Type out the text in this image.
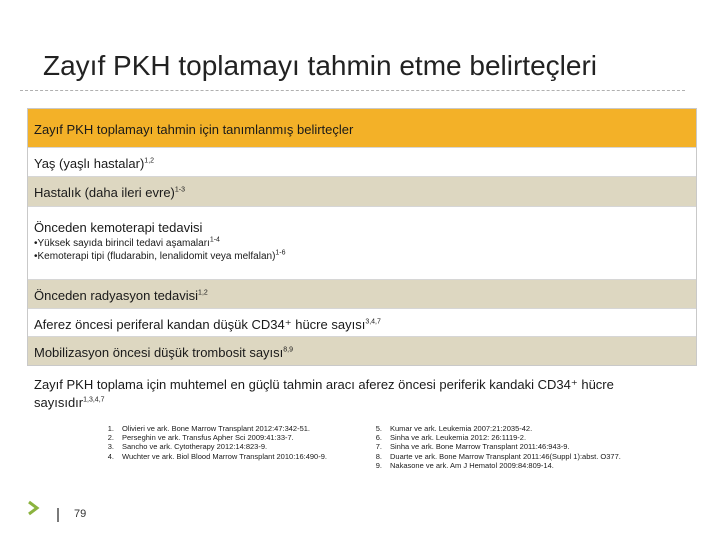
Zayıf PKH toplamayı tahmin etme belirteçleri
Zayıf PKH toplamayı tahmin için tanımlanmış belirteçler
Yaş (yaşlı hastalar)$^{1,2}$
Hastalık (daha ileri evre)$^{1-3}$
Önceden kemoterapi tedavisi
•Yüksek sayıda birincil tedavi aşamaları$^{1-4}$
•Kemoterapi tipi (fludarabin, lenalidomit veya melfalan)$^{1-6}$
Önceden radyasyon tedavisi$^{1,2}$
Aferez öncesi periferal kandan düşük CD34⁺ hücre sayısı$^{3,4,7}$
Mobilizasyon öncesi düşük trombosit sayısı$^{8,9}$
Zayıf PKH toplama için muhtemel en güçlü tahmin aracı aferez öncesi periferik kandaki CD34⁺ hücre sayısıdır$^{1,3,4,7}$
1. Olivieri ve ark. Bone Marrow Transplant 2012:47:342-51.
2. Perseghin ve ark. Transfus Apher Sci 2009:41:33-7.
3. Sancho ve ark. Cytotherapy 2012:14:823-9.
4. Wuchter ve ark. Biol Blood Marrow Transplant 2010:16:490-9.
5. Kumar ve ark. Leukemia 2007:21:2035-42.
6. Sinha ve ark. Leukemia 2012: 26:1119-2.
7. Sinha ve ark. Bone Marrow Transplant 2011:46:943-9.
8. Duarte ve ark. Bone Marrow Transplant 2011:46(Suppl 1):abst. O377.
9. Nakasone ve ark. Am J Hematol 2009:84:809-14.
79
